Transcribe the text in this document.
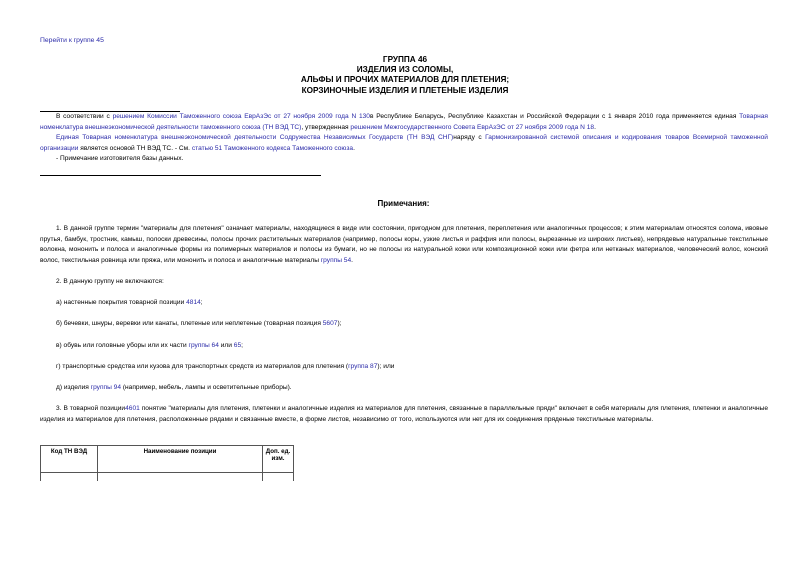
Перейти к группе 45
ГРУППА 46
ИЗДЕЛИЯ ИЗ СОЛОМЫ,
АЛЬФЫ И ПРОЧИХ МАТЕРИАЛОВ ДЛЯ ПЛЕТЕНИЯ;
КОРЗИНОЧНЫЕ ИЗДЕЛИЯ И ПЛЕТЕНЫЕ ИЗДЕЛИЯ

В соответствии с решением Комиссии Таможенного союза ЕврАзЭс от 27 ноября 2009 года N 130в Республике Беларусь, Республике Казахстан и Российской Федерации с 1 января 2010 года применяется единая Товарная номенклатура внешнеэкономической деятельности таможенного союза (ТН ВЭД ТС), утвержденная решением Межгосударственного Совета ЕврАзЭС от 27 ноября 2009 года N 18.

Единая Товарная номенклатура внешнеэкономической деятельности Содружества Независимых Государств (ТН ВЭД СНГ)наряду с Гармонизированной системой описания и кодирования товаров Всемирной таможенной организации является основой ТН ВЭД ТС. - См. статью 51 Таможенного кодекса Таможенного союза.

- Примечание изготовителя базы данных.

Примечания:

1. В данной группе термин "материалы для плетения" означает материалы, находящиеся в виде или состоянии, пригодном для плетения, переплетения или аналогичных процессов; к этим материалам относятся солома, ивовые прутья, бамбук, тростник, камыш, полоски древесины, полосы прочих растительных материалов (например, полосы коры, узкие листья и раффия или полосы, вырезанные из широких листьев), непрядевые натуральные текстильные волокна, мононить и полоса и аналогичные формы из полимерных материалов и полосы из бумаги, но не полосы из натуральной кожи или композиционной кожи или фетра или нетканых материалов, человеческий волос, конский волос, текстильная ровница или пряжа, или мононить и полоса и аналогичные материалы группы 54.

2. В данную группу не включаются:

а) настенные покрытия товарной позиции 4814;

б) бечевки, шнуры, веревки или канаты, плетеные или неплетеные (товарная позиция 5607);

в) обувь или головные уборы или их части группы 64 или 65;

г) транспортные средства или кузова для транспортных средств из материалов для плетения (группа 87); или

д) изделия группы 94 (например, мебель, лампы и осветительные приборы).

3. В товарной позиции4601 понятие "материалы для плетения, плетенки и аналогичные изделия из материалов для плетения, связанные в параллельные пряди" включает в себя материалы для плетения, плетенки и аналогичные изделия из материалов для плетения, расположенные рядами и связанные вместе, в форме листов, независимо от того, используются или нет для их соединения пряденые текстильные материалы.

Код ТН ВЭД	Наименование позиции	Доп. ед. изм.
